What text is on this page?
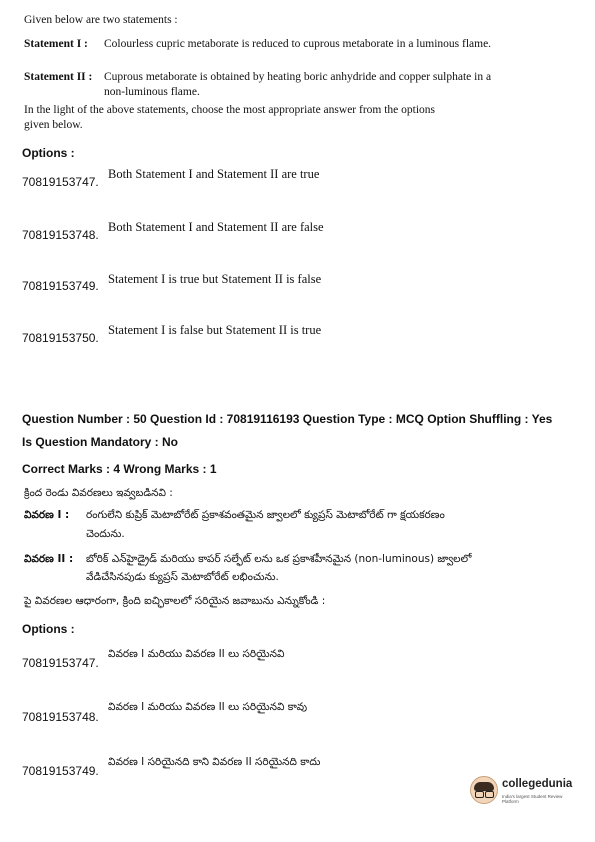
Given below are two statements :
Statement I : Colourless cupric metaborate is reduced to cuprous metaborate in a luminous flame.
Statement II : Cuprous metaborate is obtained by heating boric anhydride and copper sulphate in a non-luminous flame.
In the light of the above statements, choose the most appropriate answer from the options
given below.
Options :
70819153747.
Both Statement I and Statement II are true
70819153748.
Both Statement I and Statement II are false
70819153749. Statement I is true but Statement II is false
70819153750.
Statement I is false but Statement II is true
Question Number : 50 Question Id : 70819116193 Question Type : MCQ Option Shuffling : Yes
Is Question Mandatory : No
Correct Marks : 4 Wrong Marks : 1
క్రింద రెండు వివరణలు ఇవ్వబడినవి :
వివరణ I : రంగులేని కుప్రిక్ మెటాబోరేట్ ప్రకాశవంతమైన జ్వాలలో క్యుప్రస్ మెటాబోరేట్ గా క్షయకరణం
చెందును.
వివరణ II : బోరిక్ ఎన్‌హైడ్రైడ్ మరియు కాపర్ సల్ఫేట్ లను ఒక ప్రకాశహీనమైన (non-luminous) జ్వాలలో
వేడిచేసినపుడు క్యుప్రస్ మెటాబోరేట్ లభించును.
పై వివరణల ఆధారంగా, క్రింది ఐచ్ఛికాలలో సరియైన జవాబును ఎన్నుకోండి :
Options :
70819153747.
వివరణ I మరియు వివరణ II లు సరియైనవి
70819153748.
వివరణ I మరియు వివరణ II లు సరియైనవి కావు
70819153749.
వివరణ I సరియైనది కాని వివరణ II సరియైనది కాదు
collegedunia
India's largest Student Review Platform
